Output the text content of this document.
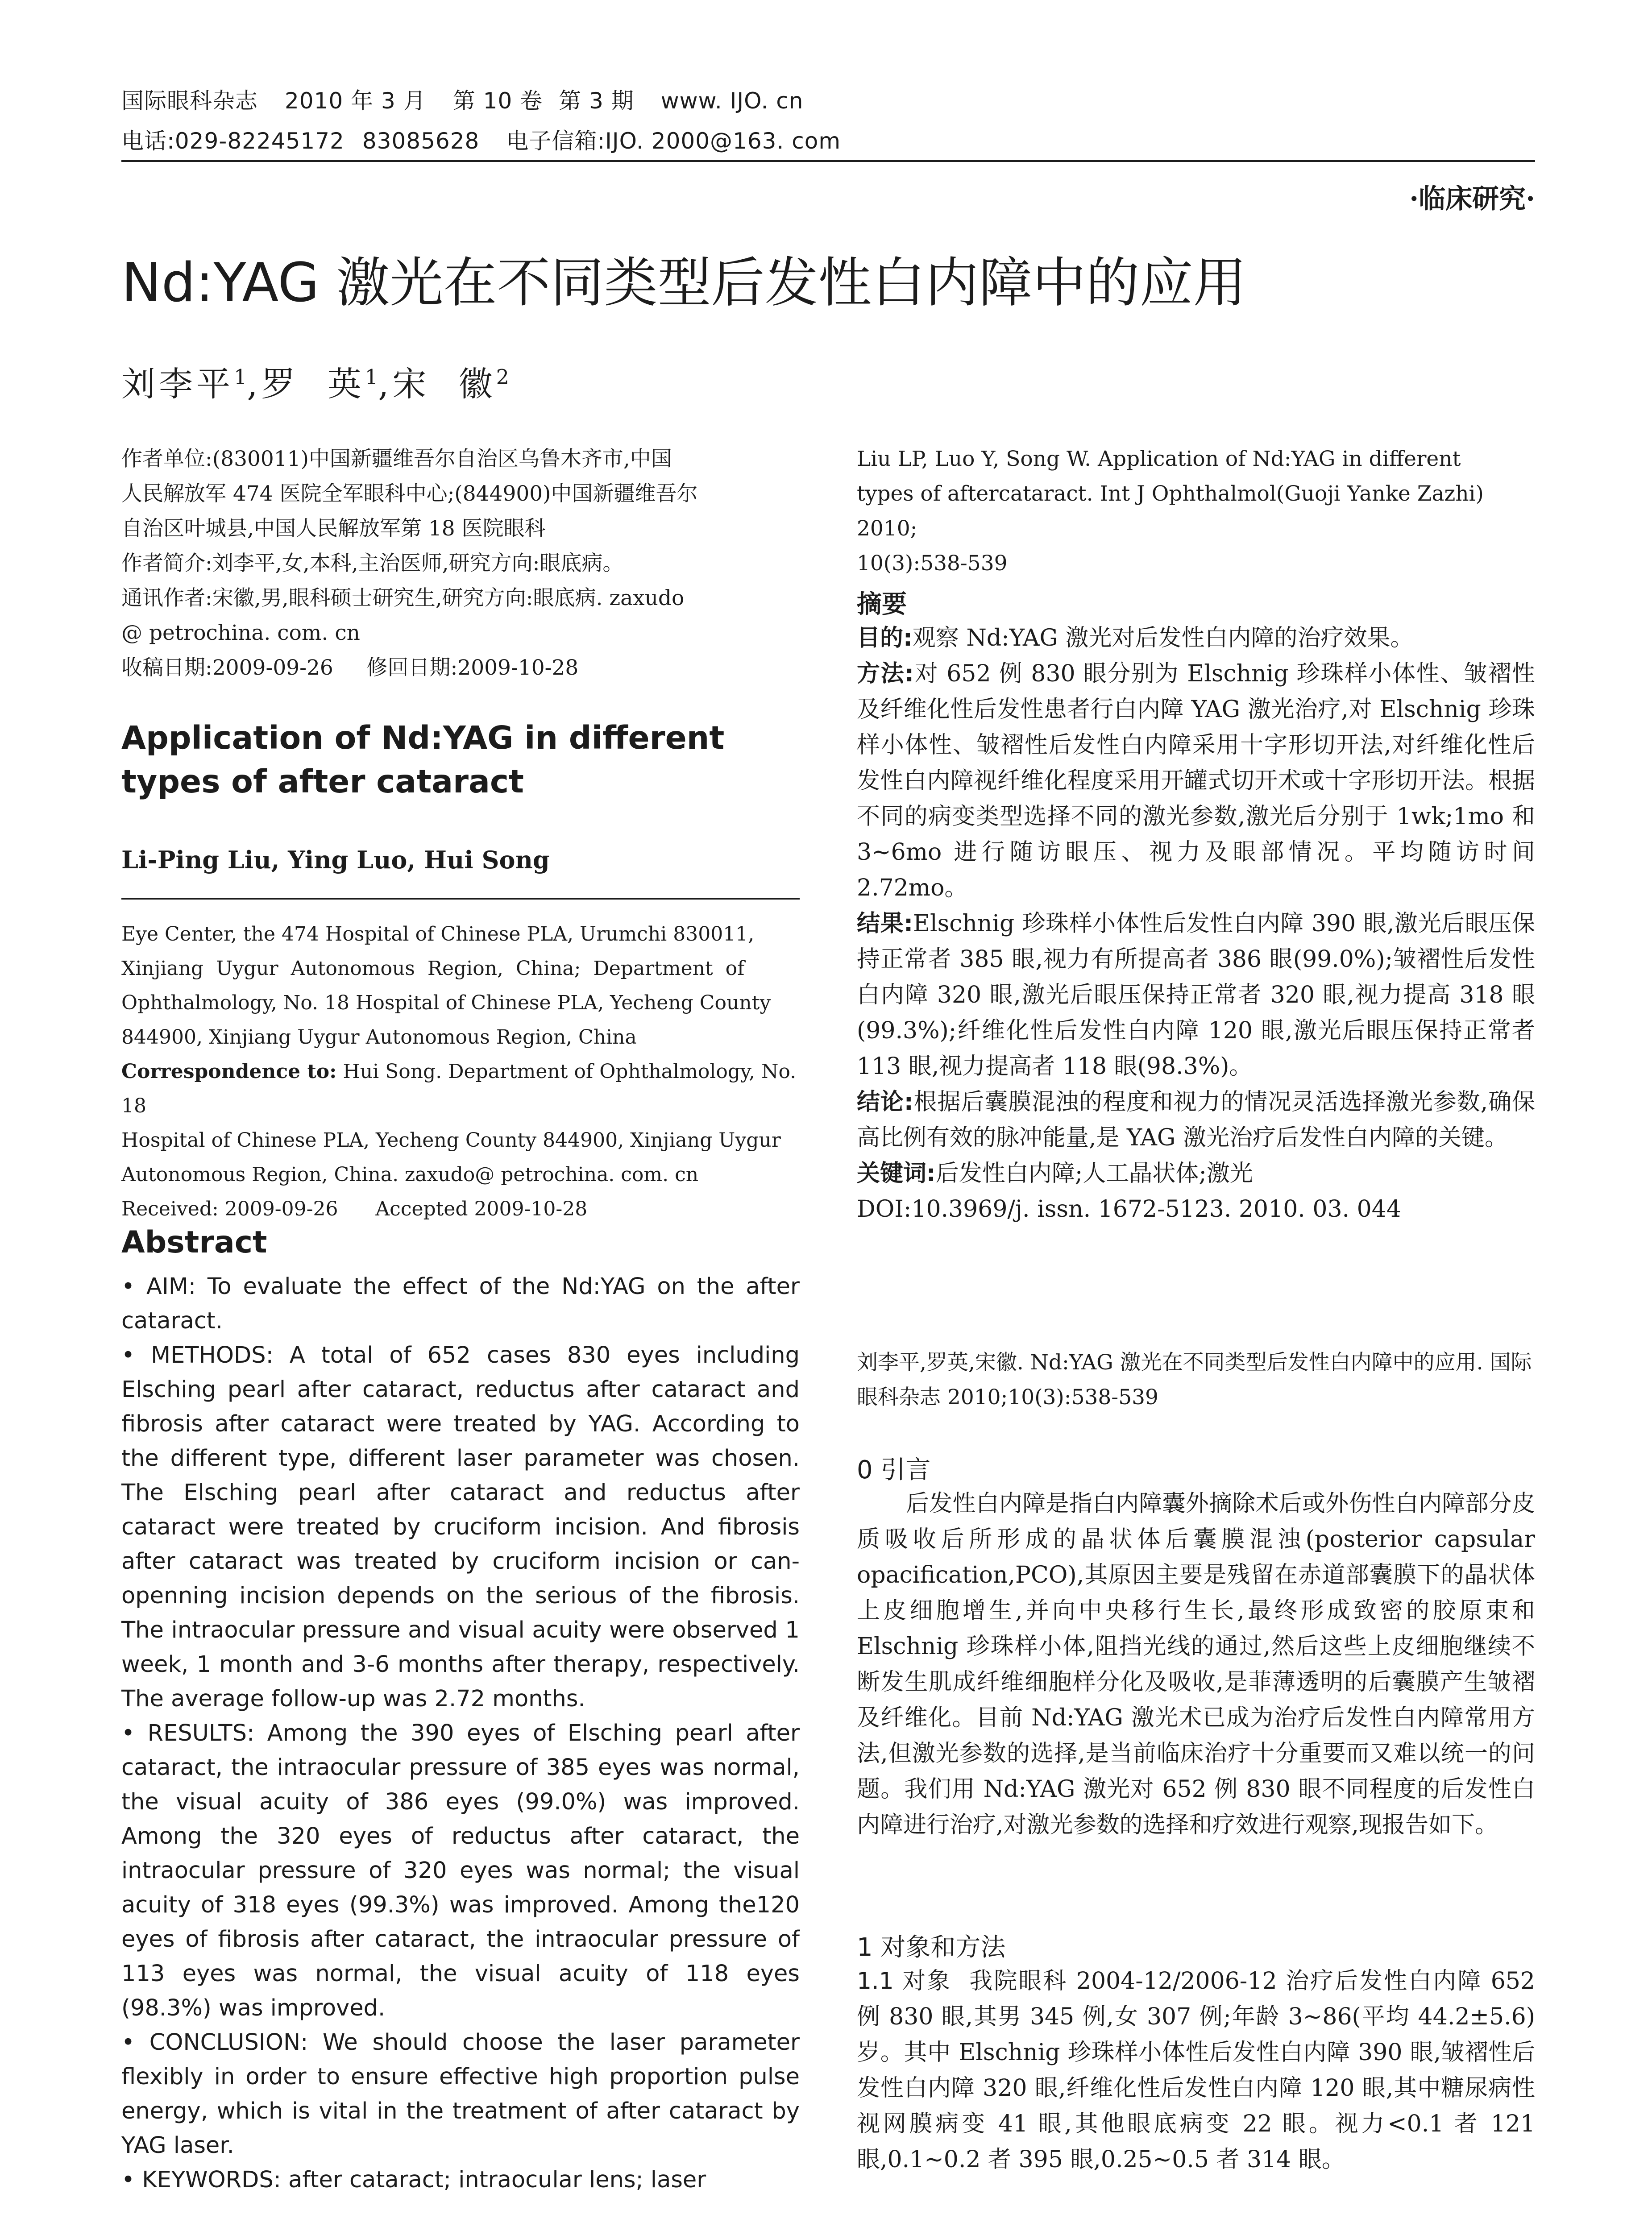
国际眼科杂志 2010 年 3 月 第 10 卷 第 3 期 www. IJO. cn
电话:029-82245172 83085628 电子信箱:IJO. 2000@163. com
·临床研究·
Nd:YAG 激光在不同类型后发性白内障中的应用
刘李平$^1$,罗  英$^1$,宋  徽$^2$

作者单位:(830011)中国新疆维吾尔自治区乌鲁木齐市,中国

人民解放军 474 医院全军眼科中心;(844900)中国新疆维吾尔

自治区叶城县,中国人民解放军第 18 医院眼科

作者简介:刘李平,女,本科,主治医师,研究方向:眼底病。

通讯作者:宋徽,男,眼科硕士研究生,研究方向:眼底病. zaxudo

@ petrochina. com. cn

收稿日期:2009-09-26     修回日期:2009-10-28

Application of Nd:YAG in different types of after cataract
Li-Ping Liu, Ying Luo, Hui Song

Eye Center, the 474 Hospital of Chinese PLA, Urumchi 830011,

Xinjiang  Uygur  Autonomous  Region,  China;  Department  of

Ophthalmology, No. 18 Hospital of Chinese PLA, Yecheng County

844900, Xinjiang Uygur Autonomous Region, China

Correspondence to: Hui Song. Department of Ophthalmology, No. 18

Hospital of Chinese PLA, Yecheng County 844900, Xinjiang Uygur

Autonomous Region, China. zaxudo@ petrochina. com. cn

Received: 2009-09-26      Accepted 2009-10-28

Abstract

• AIM: To evaluate the effect of the Nd:YAG on the after cataract.

• METHODS: A total of 652 cases 830 eyes including Elsching pearl after cataract, reductus after cataract and fibrosis after cataract were treated by YAG. According to the different type, different laser parameter was chosen. The Elsching pearl after cataract and reductus after cataract were treated by cruciform incision. And fibrosis after cataract was treated by cruciform incision or can-openning incision depends on the serious of the fibrosis. The intraocular pressure and visual acuity were observed 1 week, 1 month and 3-6 months after therapy, respectively. The average follow-up was 2.72 months.

• RESULTS: Among the 390 eyes of Elsching pearl after cataract, the intraocular pressure of 385 eyes was normal, the visual acuity of 386 eyes (99.0%) was improved. Among the 320 eyes of reductus after cataract, the intraocular pressure of 320 eyes was normal; the visual acuity of 318 eyes (99.3%) was improved. Among the120 eyes of fibrosis after cataract, the intraocular pressure of 113 eyes was normal, the visual acuity of 118 eyes (98.3%) was improved.

• CONCLUSION: We should choose the laser parameter flexibly in order to ensure effective high proportion pulse energy, which is vital in the treatment of after cataract by YAG laser.

• KEYWORDS: after cataract; intraocular lens; laser

Liu LP, Luo Y, Song W. Application of Nd:YAG in different

types of aftercataract. Int J Ophthalmol(Guoji Yanke Zazhi) 2010;

10(3):538-539

摘要

目的:观察 Nd:YAG 激光对后发性白内障的治疗效果。

方法:对 652 例 830 眼分别为 Elschnig 珍珠样小体性、皱褶性及纤维化性后发性患者行白内障 YAG 激光治疗,对 Elschnig 珍珠样小体性、皱褶性后发性白内障采用十字形切开法,对纤维化性后发性白内障视纤维化程度采用开罐式切开术或十字形切开法。根据不同的病变类型选择不同的激光参数,激光后分别于 1wk;1mo 和 3~6mo 进行随访眼压、视力及眼部情况。平均随访时间 2.72mo。

结果:Elschnig 珍珠样小体性后发性白内障 390 眼,激光后眼压保持正常者 385 眼,视力有所提高者 386 眼(99.0%);皱褶性后发性白内障 320 眼,激光后眼压保持正常者 320 眼,视力提高 318 眼(99.3%);纤维化性后发性白内障 120 眼,激光后眼压保持正常者 113 眼,视力提高者 118 眼(98.3%)。

结论:根据后囊膜混浊的程度和视力的情况灵活选择激光参数,确保高比例有效的脉冲能量,是 YAG 激光治疗后发性白内障的关键。

关键词:后发性白内障;人工晶状体;激光

DOI:10.3969/j. issn. 1672-5123. 2010. 03. 044

刘李平,罗英,宋徽. Nd:YAG 激光在不同类型后发性白内障中的应用. 国际眼科杂志 2010;10(3):538-539

0 引言

后发性白内障是指白内障囊外摘除术后或外伤性白内障部分皮质吸收后所形成的晶状体后囊膜混浊(posterior capsular opacification,PCO),其原因主要是残留在赤道部囊膜下的晶状体上皮细胞增生,并向中央移行生长,最终形成致密的胶原束和 Elschnig 珍珠样小体,阻挡光线的通过,然后这些上皮细胞继续不断发生肌成纤维细胞样分化及吸收,是菲薄透明的后囊膜产生皱褶及纤维化。目前 Nd:YAG 激光术已成为治疗后发性白内障常用方法,但激光参数的选择,是当前临床治疗十分重要而又难以统一的问题。我们用 Nd:YAG 激光对 652 例 830 眼不同程度的后发性白内障进行治疗,对激光参数的选择和疗效进行观察,现报告如下。

1 对象和方法

1.1 对象 我院眼科 2004-12/2006-12 治疗后发性白内障 652 例 830 眼,其男 345 例,女 307 例;年龄 3~86(平均 44.2±5.6)岁。其中 Elschnig 珍珠样小体性后发性白内障 390 眼,皱褶性后发性白内障 320 眼,纤维化性后发性白内障 120 眼,其中糖尿病性视网膜病变 41 眼,其他眼底病变 22 眼。视力<0.1 者 121 眼,0.1~0.2 者 395 眼,0.25~0.5 者 314 眼。
